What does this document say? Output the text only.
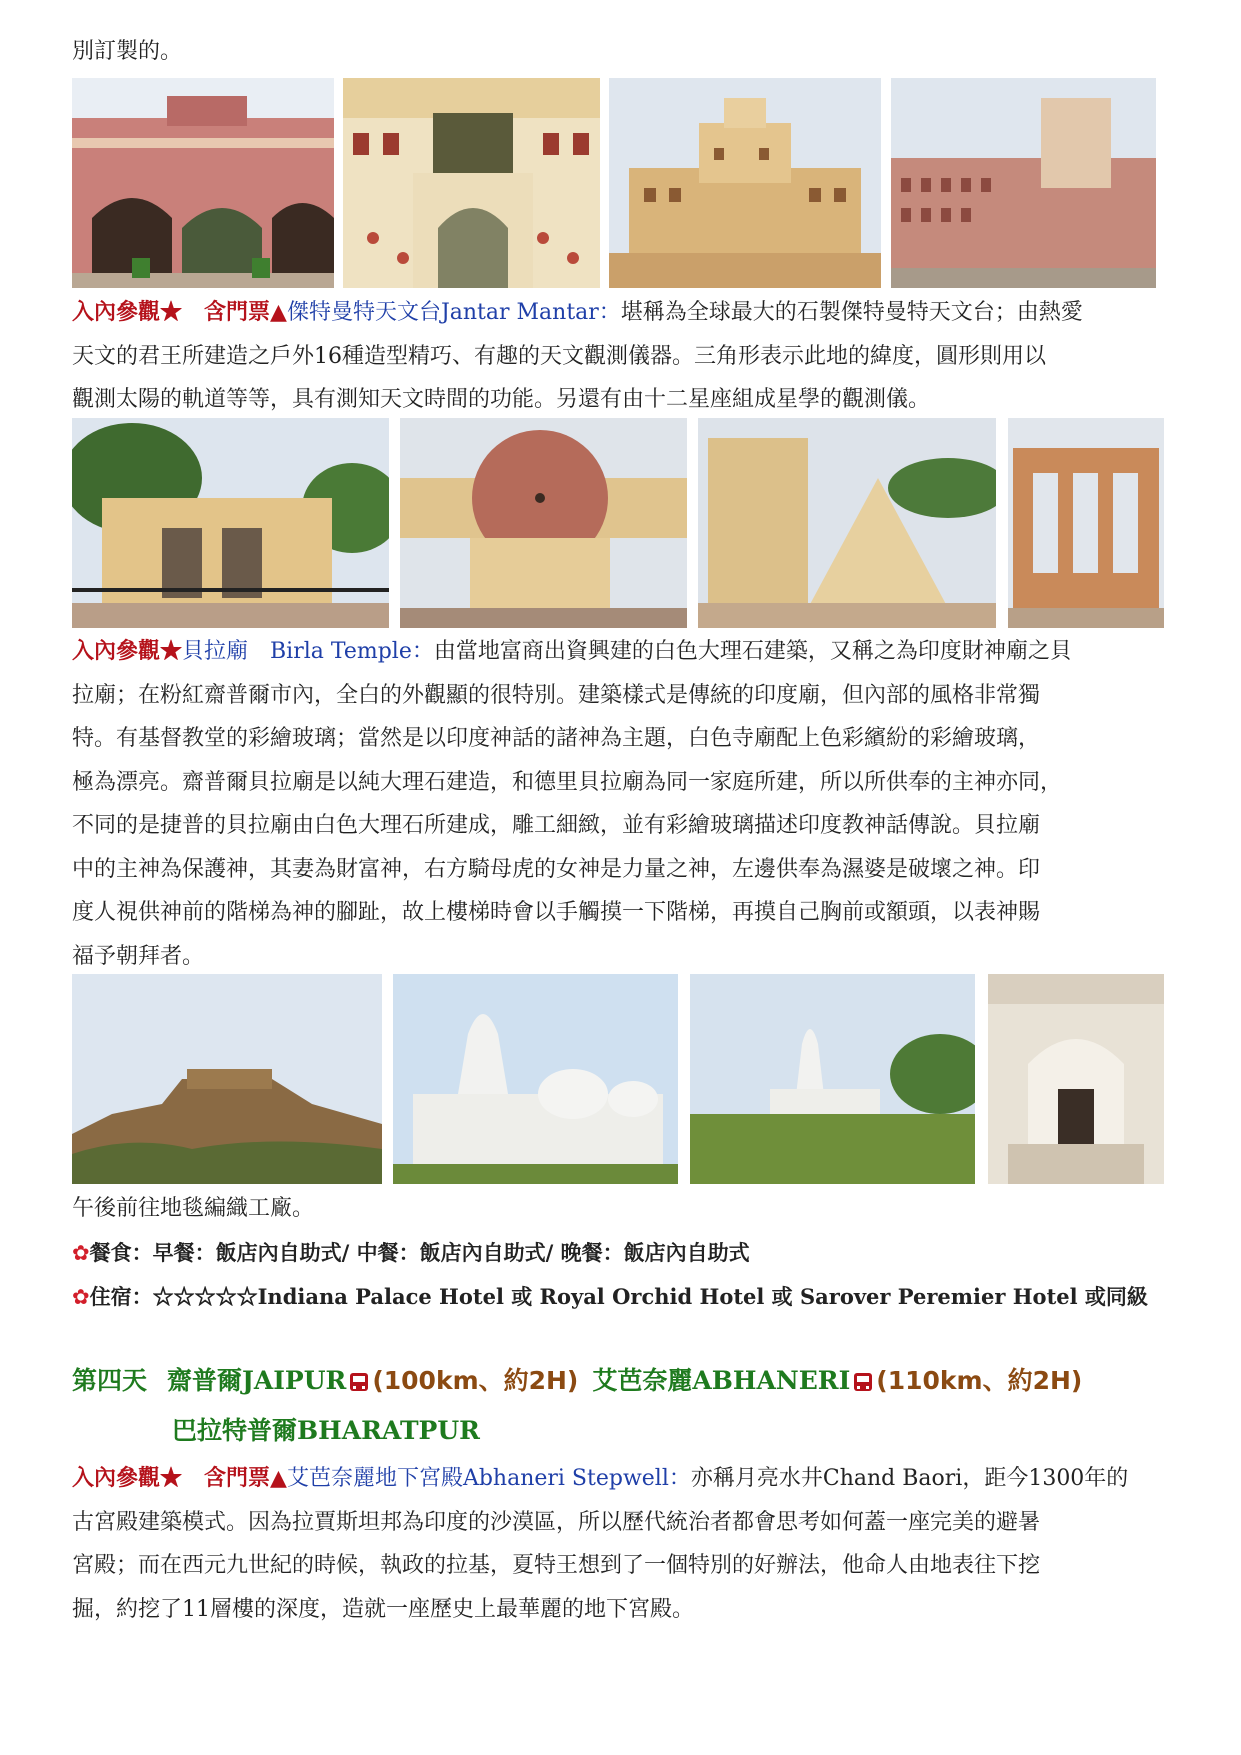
別訂製的。

入內參觀★ 含門票▲傑特曼特天文台Jantar Mantar：堪稱為全球最大的石製傑特曼特天文台；由熱愛
天文的君王所建造之戶外16種造型精巧、有趣的天文觀測儀器。三角形表示此地的緯度，圓形則用以
觀測太陽的軌道等等，具有測知天文時間的功能。另還有由十二星座組成星學的觀測儀。

入內參觀★貝拉廟　Birla Temple：由當地富商出資興建的白色大理石建築，又稱之為印度財神廟之貝
拉廟；在粉紅齋普爾市內，全白的外觀顯的很特別。建築樣式是傳統的印度廟，但內部的風格非常獨
特。有基督教堂的彩繪玻璃；當然是以印度神話的諸神為主題，白色寺廟配上色彩繽紛的彩繪玻璃，
極為漂亮。齋普爾貝拉廟是以純大理石建造，和德里貝拉廟為同一家庭所建，所以所供奉的主神亦同，
不同的是捷普的貝拉廟由白色大理石所建成，雕工細緻，並有彩繪玻璃描述印度教神話傳說。貝拉廟
中的主神為保護神，其妻為財富神，右方騎母虎的女神是力量之神，左邊供奉為濕婆是破壞之神。印
度人視供神前的階梯為神的腳趾，故上樓梯時會以手觸摸一下階梯，再摸自己胸前或額頭，以表神賜
福予朝拜者。

午後前往地毯編織工廠。
✿餐食：早餐：飯店內自助式/ 中餐：飯店內自助式/ 晚餐：飯店內自助式
✿住宿：☆☆☆☆☆Indiana Palace Hotel 或 Royal Orchid Hotel 或 Sarover Peremier Hotel 或同級
第四天 齋普爾JAIPUR (100km、約2H) 艾芭奈麗ABHANERI (110km、約2H)
巴拉特普爾BHARATPUR

入內參觀★ 含門票▲艾芭奈麗地下宮殿Abhaneri Stepwell：亦稱月亮水井Chand Baori，距今1300年的
古宮殿建築模式。因為拉賈斯坦邦為印度的沙漠區，所以歷代統治者都會思考如何蓋一座完美的避暑
宮殿；而在西元九世紀的時候，執政的拉基，夏特王想到了一個特別的好辦法，他命人由地表往下挖
掘，約挖了11層樓的深度，造就一座歷史上最華麗的地下宮殿。
